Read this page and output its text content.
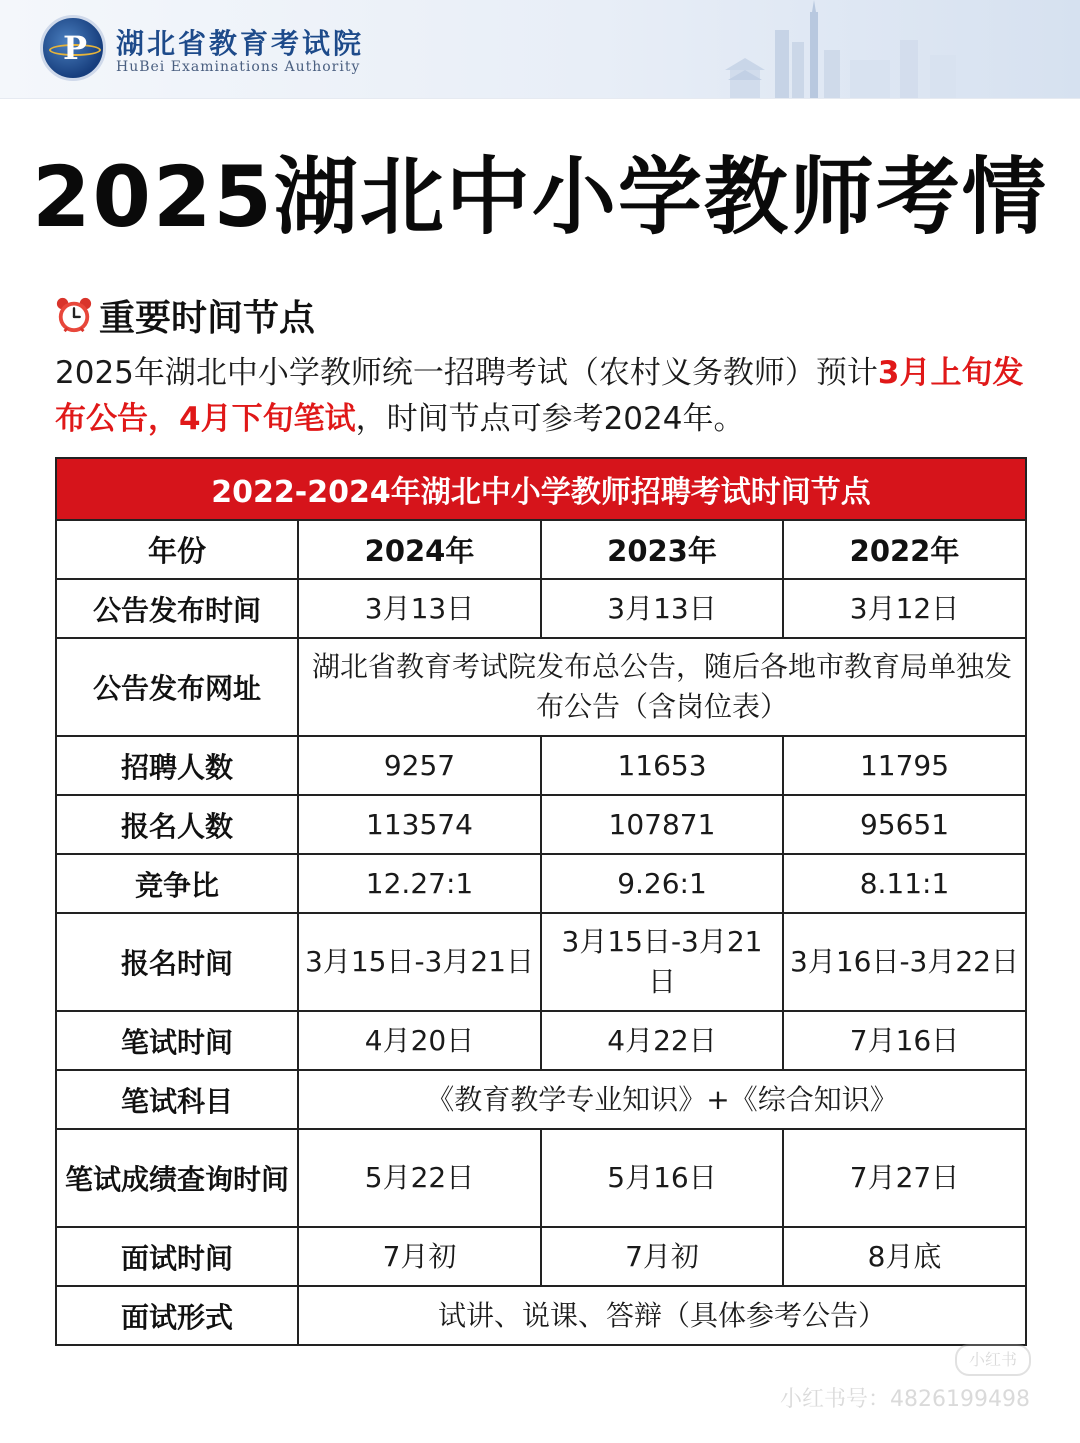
P 湖北省教育考试院
HuBei Examinations Authority
2025湖北中小学教师考情
重要时间节点
2025年湖北中小学教师统一招聘考试（农村义务教师）预计3月上旬发布公告，4月下旬笔试，时间节点可参考2024年。
2022-2024年湖北中小学教师招聘考试时间节点			
年份	2024年	2023年	2022年
公告发布时间	3月13日	3月13日	3月12日
公告发布网址	湖北省教育考试院发布总公告，随后各地市教育局单独发布公告（含岗位表）		
招聘人数	9257	11653	11795
报名人数	113574	107871	95651
竞争比	12.27:1	9.26:1	8.11:1
报名时间	3月15日-3月21日	3月15日-3月21日	3月16日-3月22日
笔试时间	4月20日	4月22日	7月16日
笔试科目	《教育教学专业知识》+《综合知识》		
笔试成绩查询时间	5月22日	5月16日	7月27日
面试时间	7月初	7月初	8月底
面试形式	试讲、说课、答辩（具体参考公告）		
小红书
小红书号：4826199498
